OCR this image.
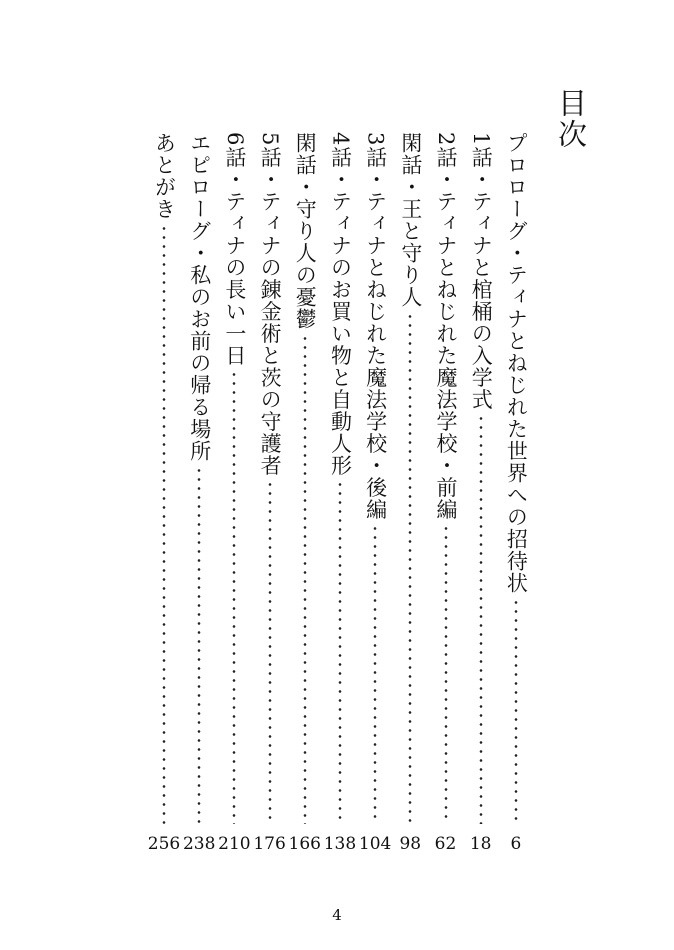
目次
プロローグ・ティナとねじれた世界への招待状
1話・ティナと棺桶の入学式
2話・ティナとねじれた魔法学校・前編
閑話・王と守り人
3話・ティナとねじれた魔法学校・後編
4話・ティナのお買い物と自動人形
閑話・守り人の憂鬱
5話・ティナの錬金術と茨の守護者
6話・ティナの長い一日
エピローグ・私のお前の帰る場所
あとがき
6
18
62
98
104
138
166
176
210
238
256
4
